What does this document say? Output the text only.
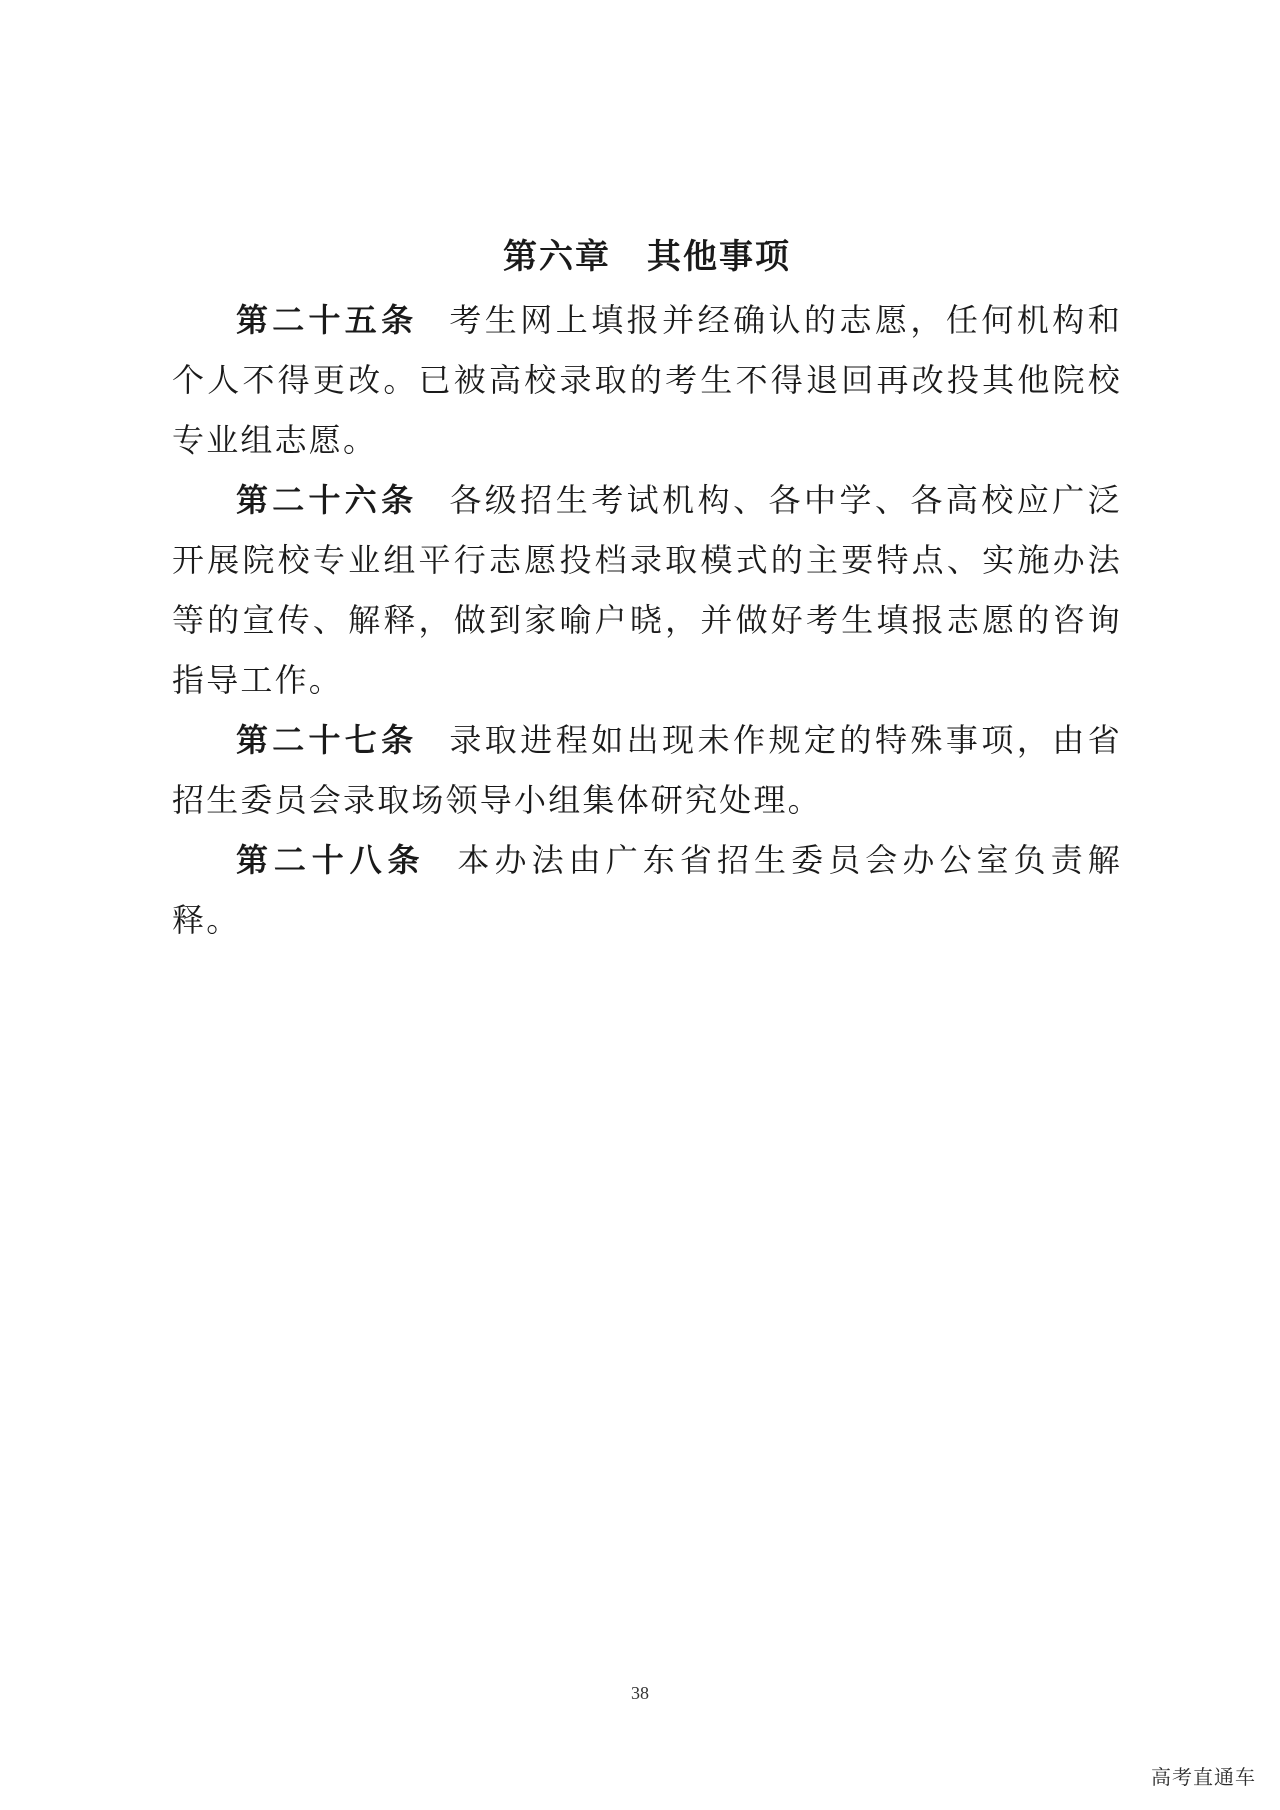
第六章　其他事项

第二十五条 考生网上填报并经确认的志愿，任何机构和个人不得更改。已被高校录取的考生不得退回再改投其他院校专业组志愿。

第二十六条 各级招生考试机构、各中学、各高校应广泛开展院校专业组平行志愿投档录取模式的主要特点、实施办法等的宣传、解释，做到家喻户晓，并做好考生填报志愿的咨询指导工作。

第二十七条 录取进程如出现未作规定的特殊事项，由省招生委员会录取场领导小组集体研究处理。

第二十八条 本办法由广东省招生委员会办公室负责解释。

38
高考直通车
